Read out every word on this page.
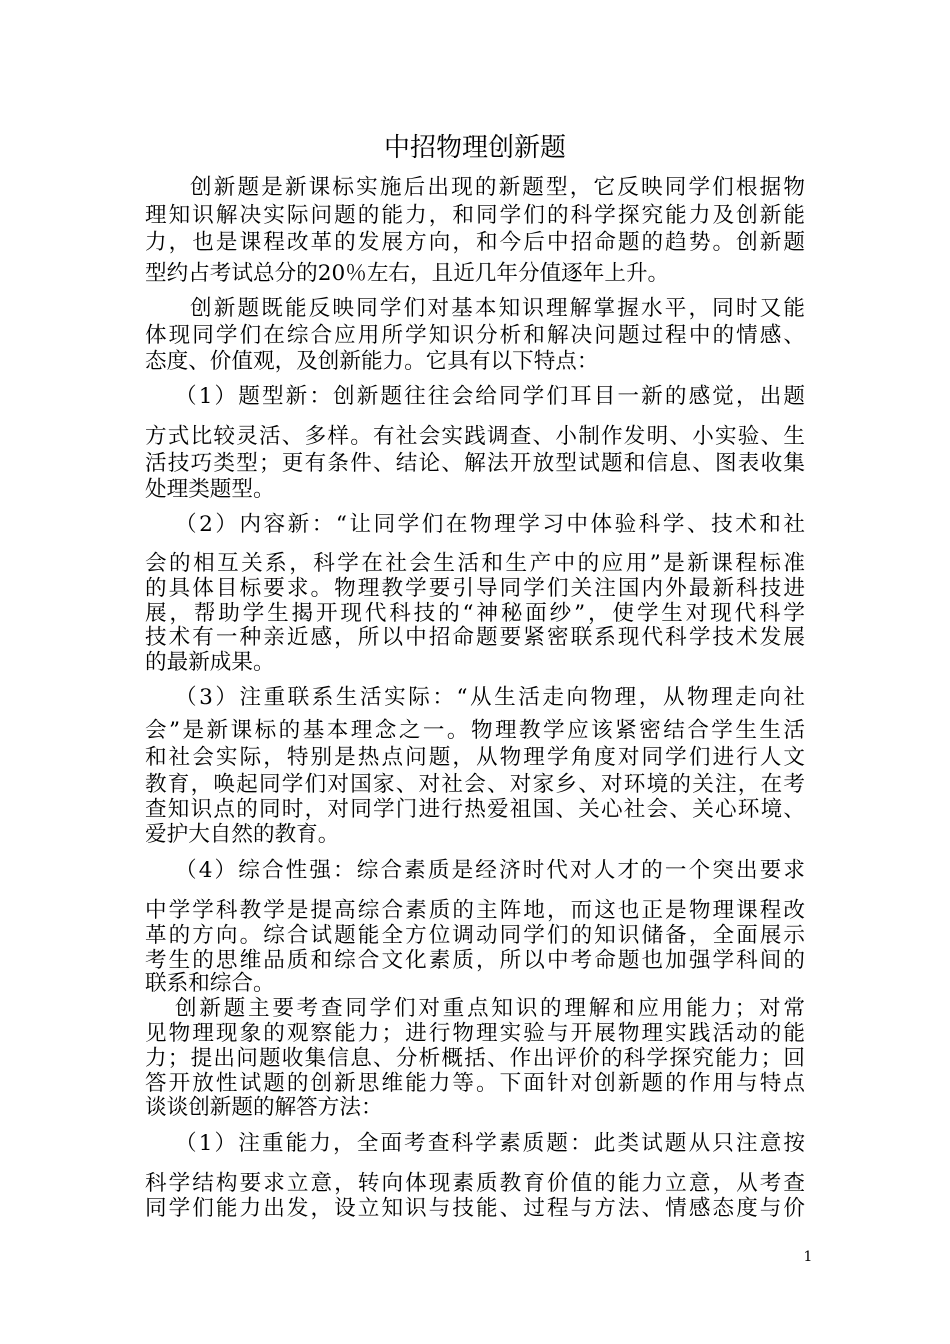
中招物理创新题
创新题是新课标实施后出现的新题型，它反映同学们根据物
理知识解决实际问题的能力，和同学们的科学探究能力及创新能
力，也是课程改革的发展方向，和今后中招命题的趋势。创新题
型约占考试总分的20％左右，且近几年分值逐年上升。
创新题既能反映同学们对基本知识理解掌握水平，同时又能
体现同学们在综合应用所学知识分析和解决问题过程中的情感、
态度、价值观，及创新能力。它具有以下特点：
（1）题型新：创新题往往会给同学们耳目一新的感觉，出题
方式比较灵活、多样。有社会实践调查、小制作发明、小实验、生
活技巧类型；更有条件、结论、解法开放型试题和信息、图表收集
处理类题型。
（2）内容新：“让同学们在物理学习中体验科学、技术和社
会的相互关系，科学在社会生活和生产中的应用”是新课程标准
的具体目标要求。物理教学要引导同学们关注国内外最新科技进
展，帮助学生揭开现代科技的“神秘面纱”，使学生对现代科学
技术有一种亲近感，所以中招命题要紧密联系现代科学技术发展
的最新成果。
（3）注重联系生活实际：“从生活走向物理，从物理走向社
会”是新课标的基本理念之一。物理教学应该紧密结合学生生活
和社会实际，特别是热点问题，从物理学角度对同学们进行人文
教育，唤起同学们对国家、对社会、对家乡、对环境的关注，在考
查知识点的同时，对同学门进行热爱祖国、关心社会、关心环境、
爱护大自然的教育。
（4）综合性强：综合素质是经济时代对人才的一个突出要求
中学学科教学是提高综合素质的主阵地，而这也正是物理课程改
革的方向。综合试题能全方位调动同学们的知识储备，全面展示
考生的思维品质和综合文化素质，所以中考命题也加强学科间的
联系和综合。
创新题主要考查同学们对重点知识的理解和应用能力；对常
见物理现象的观察能力；进行物理实验与开展物理实践活动的能
力；提出问题收集信息、分析概括、作出评价的科学探究能力；回
答开放性试题的创新思维能力等。下面针对创新题的作用与特点
谈谈创新题的解答方法：
（1）注重能力，全面考查科学素质题：此类试题从只注意按
科学结构要求立意，转向体现素质教育价值的能力立意，从考查
同学们能力出发，设立知识与技能、过程与方法、情感态度与价
1
